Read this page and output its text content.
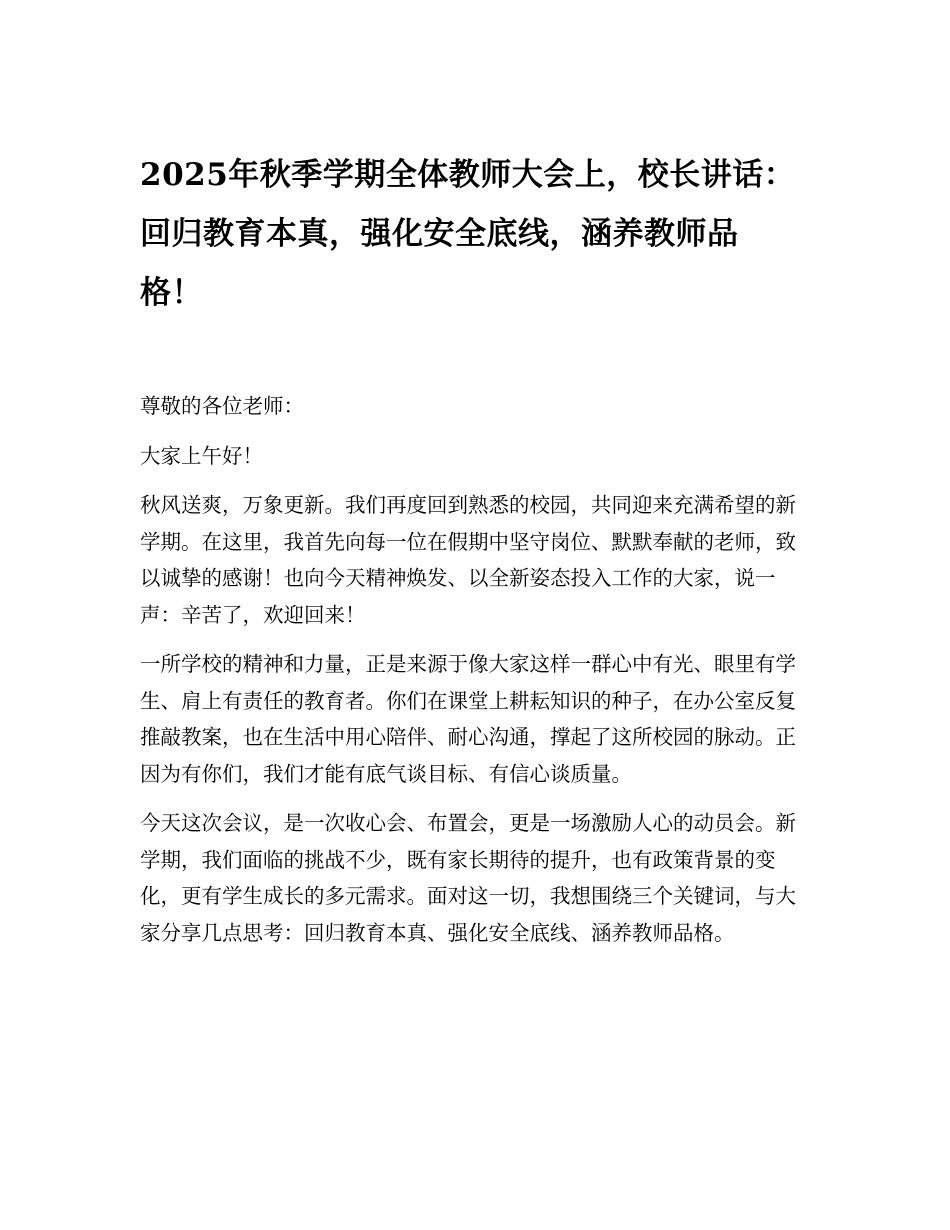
2025年秋季学期全体教师大会上，校长讲话：回归教育本真，强化安全底线，涵养教师品格！

尊敬的各位老师：

大家上午好！

秋风送爽，万象更新。我们再度回到熟悉的校园，共同迎来充满希望的新学期。在这里，我首先向每一位在假期中坚守岗位、默默奉献的老师，致以诚挚的感谢！也向今天精神焕发、以全新姿态投入工作的大家，说一声：辛苦了，欢迎回来！

一所学校的精神和力量，正是来源于像大家这样一群心中有光、眼里有学生、肩上有责任的教育者。你们在课堂上耕耘知识的种子，在办公室反复推敲教案，也在生活中用心陪伴、耐心沟通，撑起了这所校园的脉动。正因为有你们，我们才能有底气谈目标、有信心谈质量。

今天这次会议，是一次收心会、布置会，更是一场激励人心的动员会。新学期，我们面临的挑战不少，既有家长期待的提升，也有政策背景的变化，更有学生成长的多元需求。面对这一切，我想围绕三个关键词，与大家分享几点思考：回归教育本真、强化安全底线、涵养教师品格。
